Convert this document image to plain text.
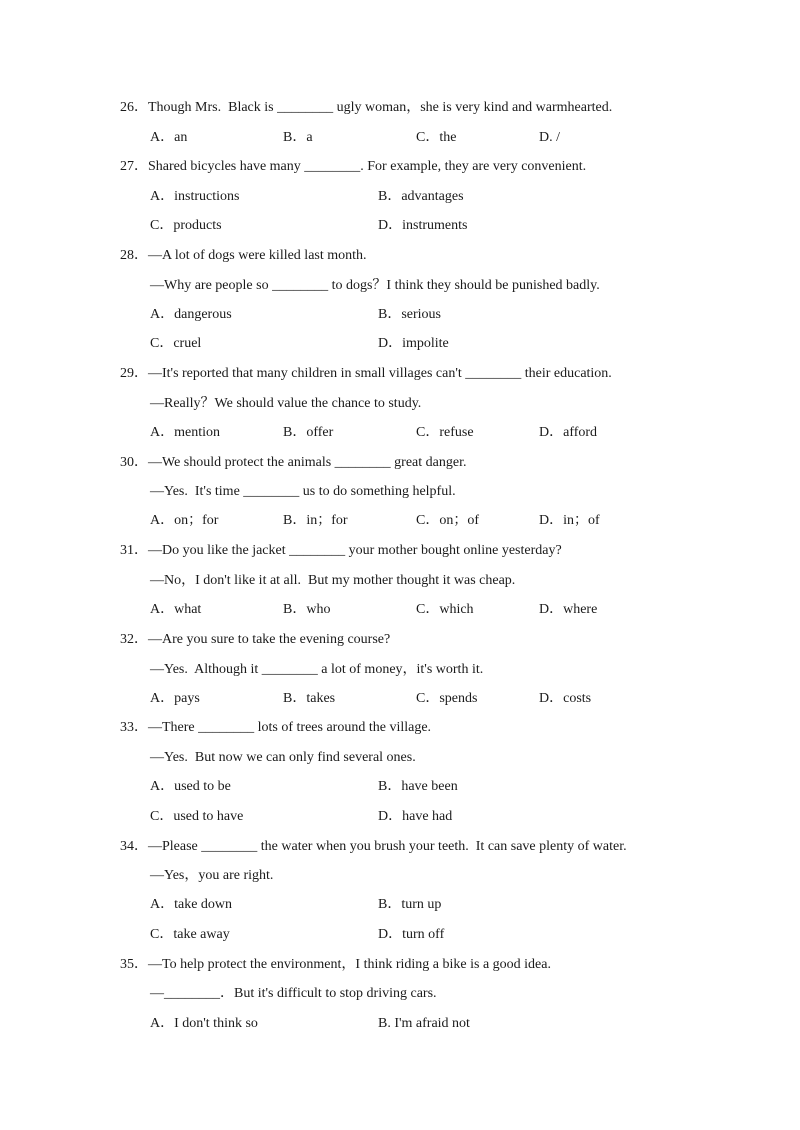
26．Though Mrs.  Black is ________ ugly woman，she is very kind and warmhearted.
A．an	B．a	C．the	D. /
27．Shared bicycles have many ________. For example, they are very convenient.
A．instructions	B．advantages
C．products	D．instruments
28．—A lot of dogs were killed last month.
—Why are people so ________ to dogs？I think they should be punished badly.
A．dangerous	B．serious
C．cruel	D．impolite
29．—It's reported that many children in small villages can't ________ their education.
—Really？We should value the chance to study.
A．mention	B．offer	C．refuse	D．afford
30．—We should protect the animals ________ great danger.
—Yes.  It's time ________ us to do something helpful.
A．on；for	B．in；for	C．on；of	D．in；of
31．—Do you like the jacket ________ your mother bought online yesterday?
—No，I don't like it at all.  But my mother thought it was cheap.
A．what	B．who	C．which	D．where
32．—Are you sure to take the evening course?
—Yes.  Although it ________ a lot of money，it's worth it.
A．pays	B．takes	C．spends	D．costs
33．—There ________ lots of trees around the village.
—Yes.  But now we can only find several ones.
A．used to be	B．have been
C．used to have	D．have had
34．—Please ________ the water when you brush your teeth.  It can save plenty of water.
—Yes，you are right.
A．take down	B．turn up
C．take away	D．turn off
35．—To help protect the environment，I think riding a bike is a good idea.
—________．But it's difficult to stop driving cars.
A．I don't think so	B. I'm afraid not
